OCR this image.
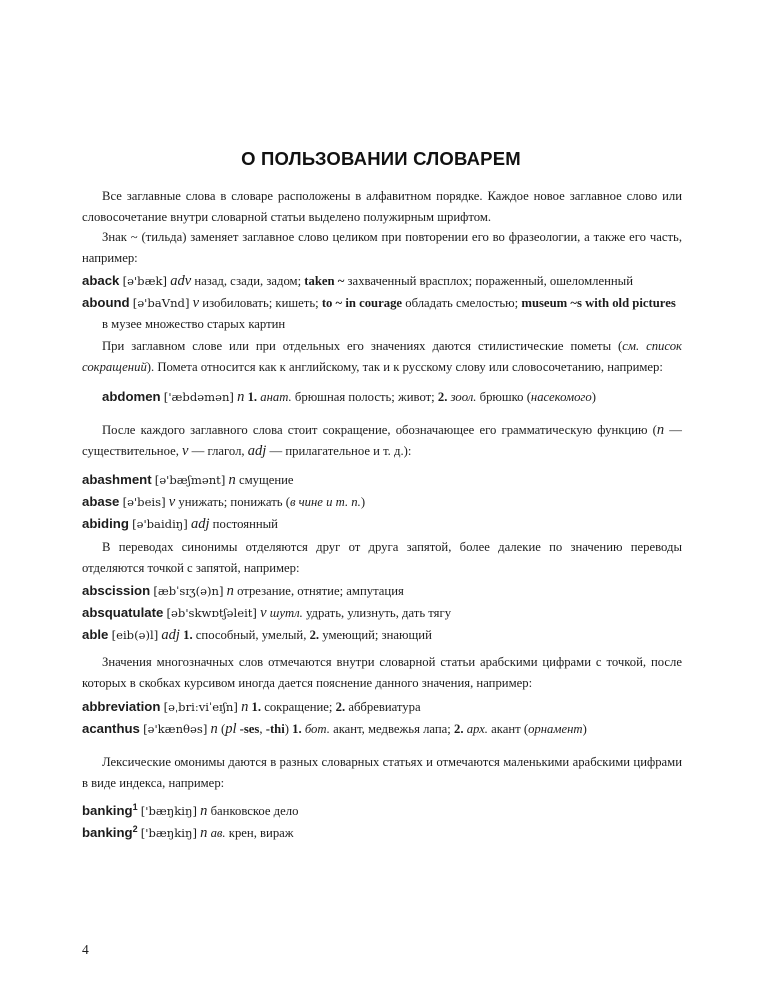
О ПОЛЬЗОВАНИИ СЛОВАРЕМ
Все заглавные слова в словаре расположены в алфавитном порядке. Каждое новое заглавное слово или словосочетание внутри словарной статьи выделено полужирным шрифтом.
Знак ~ (тильда) заменяет заглавное слово целиком при повторении его во фразеологии, а также его часть, например:
aback [ə'bæk] adv назад, сзади, задом; taken ~ захваченный врасплох; пораженный, ошеломленный
abound [ə'baVnd] v изобиловать; кишеть; to ~ in courage обладать смелостью; museum ~s with old pictures
в музее множество старых картин
При заглавном слове или при отдельных его значениях даются стилистические пометы (см. список сокращений). Помета относится как к английскому, так и к русскому слову или словосочетанию, например:
abdomen ['æbdəmən] n 1. анат. брюшная полость; живот; 2. зоол. брюшко (насекомого)
После каждого заглавного слова стоит сокращение, обозначающее его грамматическую функцию (n — существительное, v — глагол, adj — прилагательное и т. д.):
abashment [ə'bæʃmənt] n смущение
abase [ə'beis] v унижать; понижать (в чине и т. п.)
abiding [ə'baidiŋ] adj постоянный
В переводах синонимы отделяются друг от друга запятой, более далекие по значению переводы отделяются точкой с запятой, например:
abscission [æbˈsɪʒ(ə)n] n отрезание, отнятие; ампутация
absquatulate [əb'skwɒtʃəleit] v шутл. удрать, улизнуть, дать тягу
able [eib(ə)l] adj 1. способный, умелый, 2. умеющий; знающий
Значения многозначных слов отмечаются внутри словарной статьи арабскими цифрами с точкой, после которых в скобках курсивом иногда дается пояснение данного значения, например:
abbreviation [əˌbriːviˈeɪʃn] n 1. сокращение; 2. аббревиатура
acanthus [ə'kænθəs] n (pl -ses, -thi) 1. бот. акант, медвежья лапа; 2. арх. акант (орнамент)
Лексические омонимы даются в разных словарных статьях и отмечаются маленькими арабскими цифрами в виде индекса, например:
banking$^1$ ['bæŋkiŋ] n банковское дело
banking$^2$ ['bæŋkiŋ] n ав. крен, вираж
4
